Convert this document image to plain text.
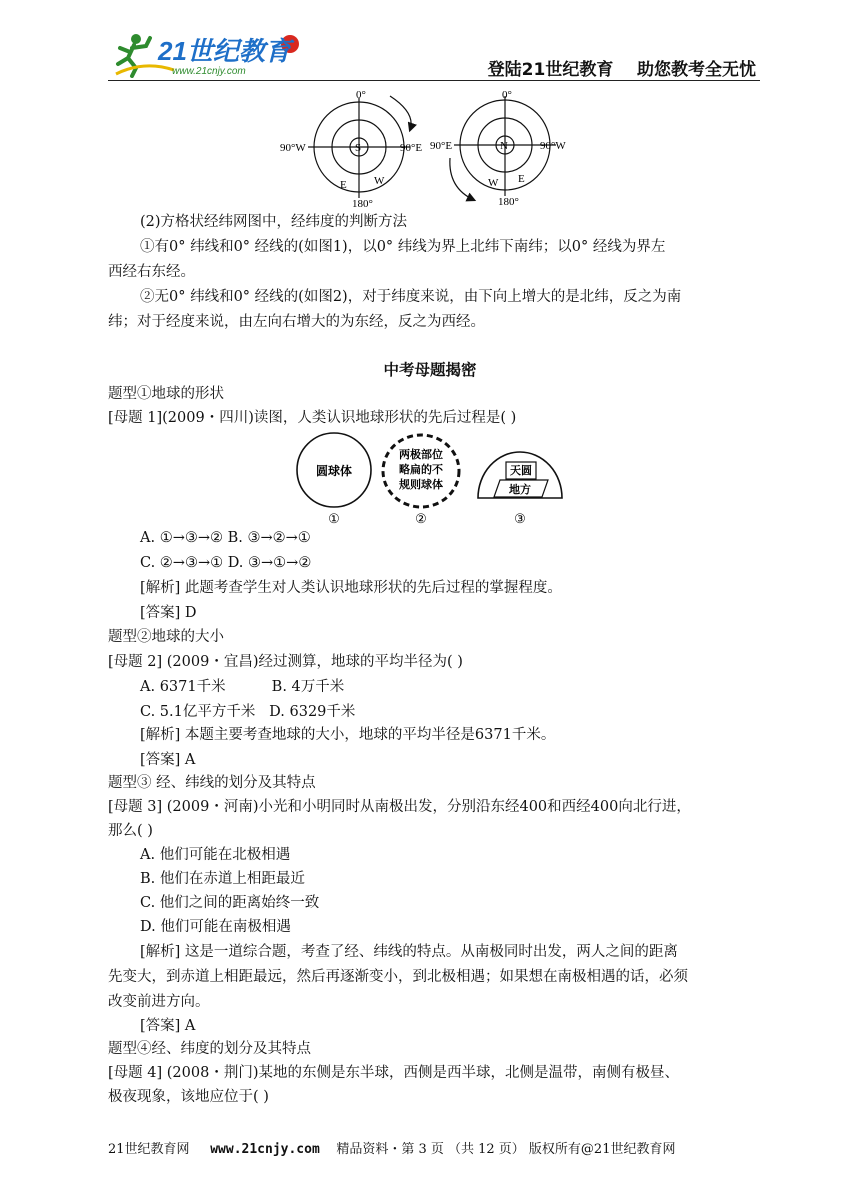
21世纪教育
www.21cnjy.com	登陆21世纪教育    助您教考全无忧
0°
180°
90°W	90°E
S
E W
0°
180°
90°W
90°E	N
W E
(2)方格状经纬网图中，经纬度的判断方法
①有0° 纬线和0° 经线的(如图1)，以0° 纬线为界上北纬下南纬；以0° 经线为界左
西经右东经。
②无0° 纬线和0° 经线的(如图2)，对于纬度来说，由下向上增大的是北纬，反之为南
纬；对于经度来说，由左向右增大的为东经，反之为西经。
中考母题揭密
题型①地球的形状
[母题 1](2009・四川)读图，人类认识地球形状的先后过程是( )
圆球体
两极部位
略扁的不
规则球体
天圆
地方
①	②	③
A. ①→③→② B. ③→②→①
C. ②→③→① D. ③→①→②
[解析] 此题考查学生对人类认识地球形状的先后过程的掌握程度。
[答案] D
题型②地球的大小
[母题 2] (2009・宜昌)经过测算，地球的平均半径为( )
A. 6371千米          B. 4万千米
C. 5.1亿平方千米   D. 6329千米
[解析] 本题主要考查地球的大小，地球的平均半径是6371千米。
[答案] A
题型③ 经、纬线的划分及其特点
[母题 3] (2009・河南)小光和小明同时从南极出发，分别沿东经400和西经400向北行进，
那么( )
A. 他们可能在北极相遇
B. 他们在赤道上相距最近
C. 他们之间的距离始终一致
D. 他们可能在南极相遇
[解析] 这是一道综合题，考查了经、纬线的特点。从南极同时出发，两人之间的距离
先变大，到赤道上相距最远，然后再逐渐变小，到北极相遇；如果想在南极相遇的话，必须
改变前进方向。
[答案] A
题型④经、纬度的划分及其特点
[母题 4] (2008・荆门)某地的东侧是东半球，西侧是西半球，北侧是温带，南侧有极昼、
极夜现象，该地应位于( )
21世纪教育网 www.21cnjy.com 精品资料・第 3 页 （共 12 页） 版权所有@21世纪教育网
